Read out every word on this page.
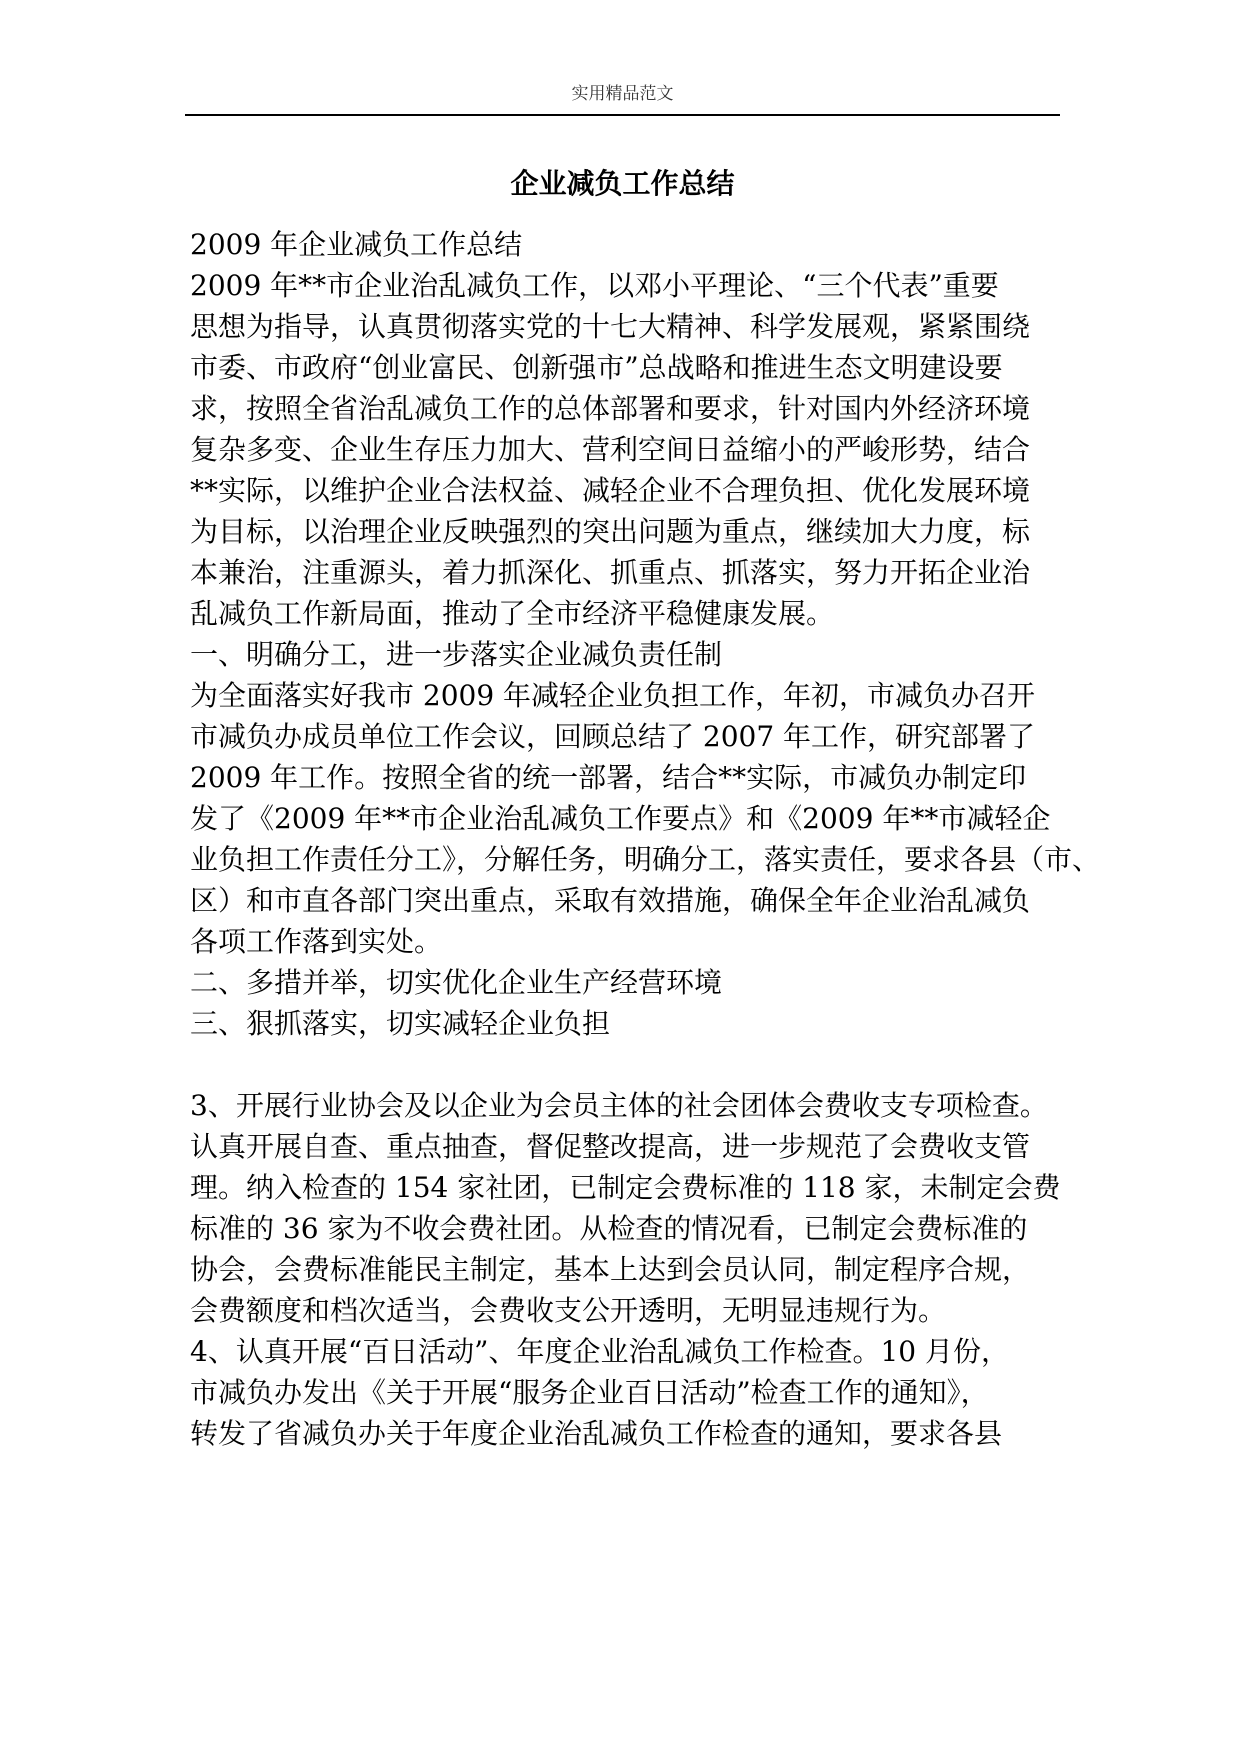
实用精品范文
企业减负工作总结
2009 年企业减负工作总结
2009 年**市企业治乱减负工作，以邓小平理论、“三个代表”重要
思想为指导，认真贯彻落实党的十七大精神、科学发展观，紧紧围绕
市委、市政府“创业富民、创新强市”总战略和推进生态文明建设要
求，按照全省治乱减负工作的总体部署和要求，针对国内外经济环境
复杂多变、企业生存压力加大、营利空间日益缩小的严峻形势，结合
**实际，以维护企业合法权益、减轻企业不合理负担、优化发展环境
为目标，以治理企业反映强烈的突出问题为重点，继续加大力度，标
本兼治，注重源头，着力抓深化、抓重点、抓落实，努力开拓企业治
乱减负工作新局面，推动了全市经济平稳健康发展。
一、明确分工，进一步落实企业减负责任制
为全面落实好我市 2009 年减轻企业负担工作，年初，市减负办召开
市减负办成员单位工作会议，回顾总结了 2007 年工作，研究部署了
2009 年工作。按照全省的统一部署，结合**实际，市减负办制定印
发了《2009 年**市企业治乱减负工作要点》和《2009 年**市减轻企
业负担工作责任分工》，分解任务，明确分工，落实责任，要求各县（市、
区）和市直各部门突出重点，采取有效措施，确保全年企业治乱减负
各项工作落到实处。
二、多措并举，切实优化企业生产经营环境
三、狠抓落实，切实减轻企业负担
3、开展行业协会及以企业为会员主体的社会团体会费收支专项检查。
认真开展自查、重点抽查，督促整改提高，进一步规范了会费收支管
理。纳入检查的 154 家社团，已制定会费标准的 118 家，未制定会费
标准的 36 家为不收会费社团。从检查的情况看，已制定会费标准的
协会，会费标准能民主制定，基本上达到会员认同，制定程序合规，
会费额度和档次适当，会费收支公开透明，无明显违规行为。
4、认真开展“百日活动”、年度企业治乱减负工作检查。10 月份，
市减负办发出《关于开展“服务企业百日活动”检查工作的通知》，
转发了省减负办关于年度企业治乱减负工作检查的通知，要求各县
